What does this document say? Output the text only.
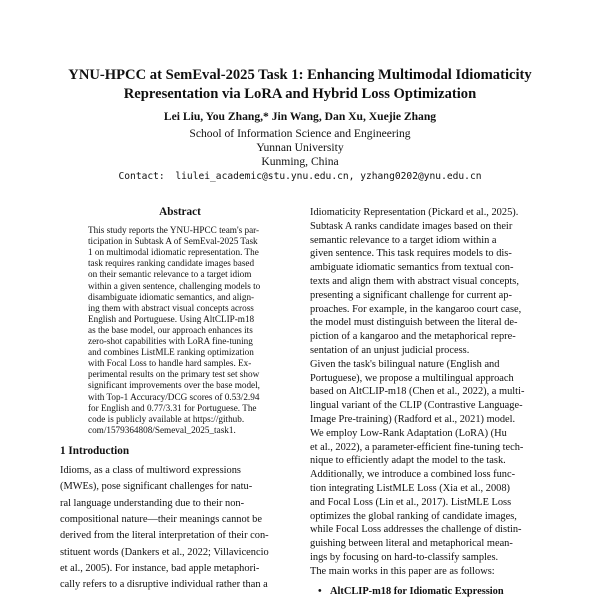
YNU-HPCC at SemEval-2025 Task 1: Enhancing Multimodal Idiomaticity
Representation via LoRA and Hybrid Loss Optimization
Lei Liu, You Zhang,* Jin Wang, Dan Xu, Xuejie Zhang
School of Information Science and Engineering
Yunnan University
Kunming, China
Contact: liulei_academic@stu.ynu.edu.cn, yzhang0202@ynu.edu.cn
Abstract
This study reports the YNU-HPCC team's par-
ticipation in Subtask A of SemEval-2025 Task
1 on multimodal idiomatic representation. The
task requires ranking candidate images based
on their semantic relevance to a target idiom
within a given sentence, challenging models to
disambiguate idiomatic semantics, and align-
ing them with abstract visual concepts across
English and Portuguese. Using AltCLIP-m18
as the base model, our approach enhances its
zero-shot capabilities with LoRA fine-tuning
and combines ListMLE ranking optimization
with Focal Loss to handle hard samples. Ex-
perimental results on the primary test set show
significant improvements over the base model,
with Top-1 Accuracy/DCG scores of 0.53/2.94
for English and 0.77/3.31 for Portuguese. The
code is publicly available at https://github.
com/1579364808/Semeval_2025_task1.
1 Introduction
Idioms, as a class of multiword expressions
(MWEs), pose significant challenges for natu-
ral language understanding due to their non-
compositional nature—their meanings cannot be
derived from the literal interpretation of their con-
stituent words (Dankers et al., 2022; Villavicencio
et al., 2005). For instance, bad apple metaphori-
cally refers to a disruptive individual rather than a
Idiomaticity Representation (Pickard et al., 2025).
Subtask A ranks candidate images based on their
semantic relevance to a target idiom within a
given sentence. This task requires models to dis-
ambiguate idiomatic semantics from textual con-
texts and align them with abstract visual concepts,
presenting a significant challenge for current ap-
proaches. For example, in the kangaroo court case,
the model must distinguish between the literal de-
piction of a kangaroo and the metaphorical repre-
sentation of an unjust judicial process.
Given the task's bilingual nature (English and
Portuguese), we propose a multilingual approach
based on AltCLIP-m18 (Chen et al., 2022), a multi-
lingual variant of the CLIP (Contrastive Language-
Image Pre-training) (Radford et al., 2021) model.
We employ Low-Rank Adaptation (LoRA) (Hu
et al., 2022), a parameter-efficient fine-tuning tech-
nique to efficiently adapt the model to the task.
Additionally, we introduce a combined loss func-
tion integrating ListMLE Loss (Xia et al., 2008)
and Focal Loss (Lin et al., 2017). ListMLE Loss
optimizes the global ranking of candidate images,
while Focal Loss addresses the challenge of distin-
guishing between literal and metaphorical mean-
ings by focusing on hard-to-classify samples.
The main works in this paper are as follows:
• AltCLIP-m18 for Idiomatic Expression
